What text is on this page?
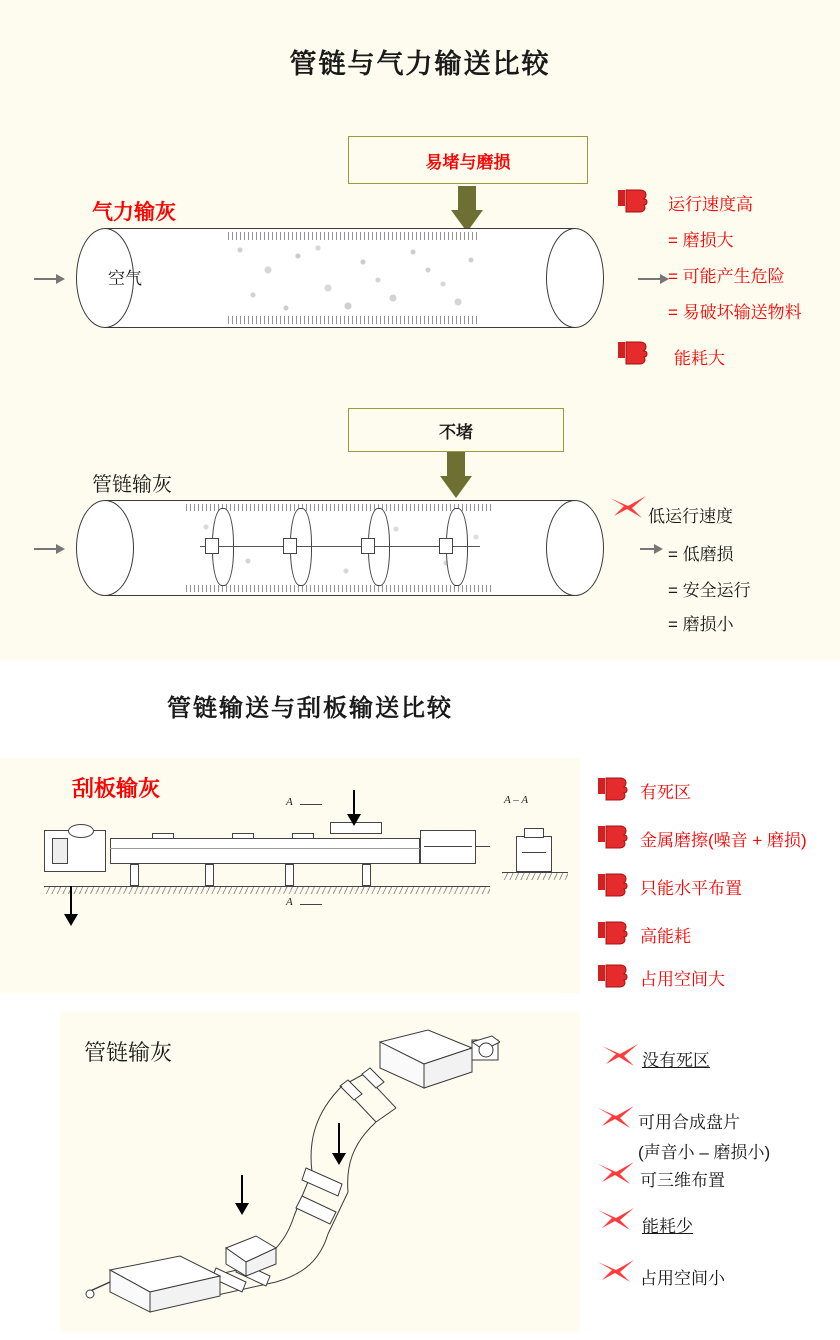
管链与气力输送比较
气力输灰
易堵与磨损
空气
运行速度高
= 磨损大
= 可能产生危险
= 易破坏输送物料
能耗大
管链输灰
不堵
低运行速度
= 低磨损
= 安全运行
= 磨损小
管链输送与刮板输送比较
刮板输灰
A
A
A – A	有死区
金属磨擦(噪音 + 磨损)
只能水平布置
高能耗
占用空间大
管链输灰	没有死区
可用合成盘片
(声音小 – 磨损小)
可三维布置
能耗少
占用空间小
